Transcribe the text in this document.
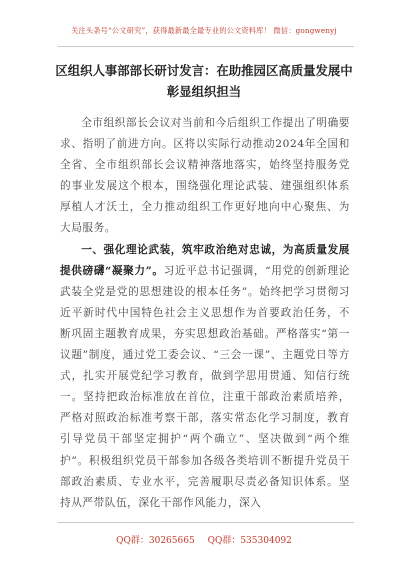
关注头条号“公文研究”，获得最新最全最专业的公文资料库！ 微信：gongwenyj
区组织人事部部长研讨发言：在助推园区高质量发展中彰显组织担当

全市组织部长会议对当前和今后组织工作提出了明确要求、指明了前进方向。区将以实际行动推动2024年全国和全省、全市组织部长会议精神落地落实，始终坚持服务党的事业发展这个根本，围绕强化理论武装、建强组织体系厚植人才沃土，全力推动组织工作更好地向中心聚焦、为大局服务。

一、强化理论武装，筑牢政治绝对忠诚，为高质量发展提供磅礴“凝聚力”。习近平总书记强调，“用党的创新理论武装全党是党的思想建设的根本任务”。始终把学习贯彻习近平新时代中国特色社会主义思想作为首要政治任务，不断巩固主题教育成果，夯实思想政治基础。严格落实“第一议题”制度，通过党工委会议、“三会一课”、主题党日等方式，扎实开展党纪学习教育，做到学思用贯通、知信行统一。坚持把政治标准放在首位，注重干部政治素质培养，严格对照政治标准考察干部，落实常态化学习制度，教育引导党员干部坚定拥护“两个确立”、坚决做到“两个维护”。积极组织党员干部参加各级各类培训不断提升党员干部政治素质、专业水平，完善履职尽责必备知识体系。坚持从严带队伍，深化干部作风能力，深入

QQ群：30265665 QQ群：535304092
